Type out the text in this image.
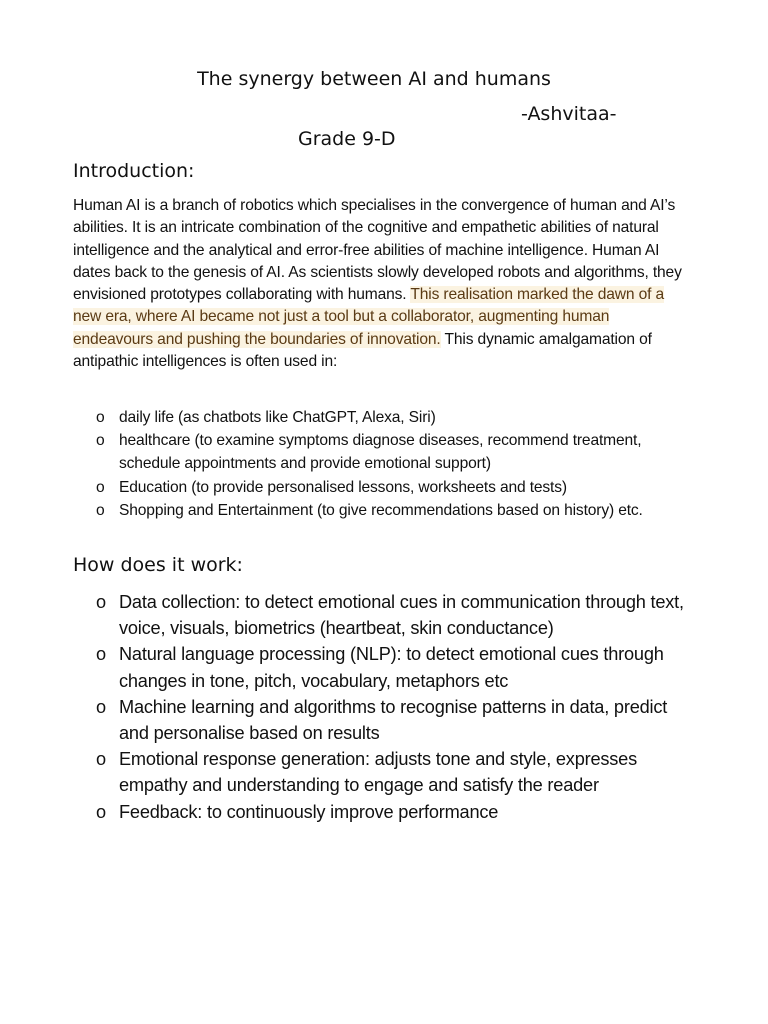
The synergy between AI and humans
-Ashvitaa-
Grade 9-D
Introduction:

Human AI is a branch of robotics which specialises in the convergence of human and AI’s abilities. It is an intricate combination of the cognitive and empathetic abilities of natural intelligence and the analytical and error-free abilities of machine intelligence. Human AI dates back to the genesis of AI. As scientists slowly developed robots and algorithms, they envisioned prototypes collaborating with humans. This realisation marked the dawn of a new era, where AI became not just a tool but a collaborator, augmenting human endeavours and pushing the boundaries of innovation. This dynamic amalgamation of antipathic intelligences is often used in:

o daily life (as chatbots like ChatGPT, Alexa, Siri)
o healthcare (to examine symptoms diagnose diseases, recommend treatment, schedule appointments and provide emotional support)
o Education (to provide personalised lessons, worksheets and tests)
o Shopping and Entertainment (to give recommendations based on history) etc.
How does it work:
o Data collection: to detect emotional cues in communication through text, voice, visuals, biometrics (heartbeat, skin conductance)
o Natural language processing (NLP): to detect emotional cues through changes in tone, pitch, vocabulary, metaphors etc
o Machine learning and algorithms to recognise patterns in data, predict and personalise based on results
o Emotional response generation: adjusts tone and style, expresses empathy and understanding to engage and satisfy the reader
o Feedback: to continuously improve performance
